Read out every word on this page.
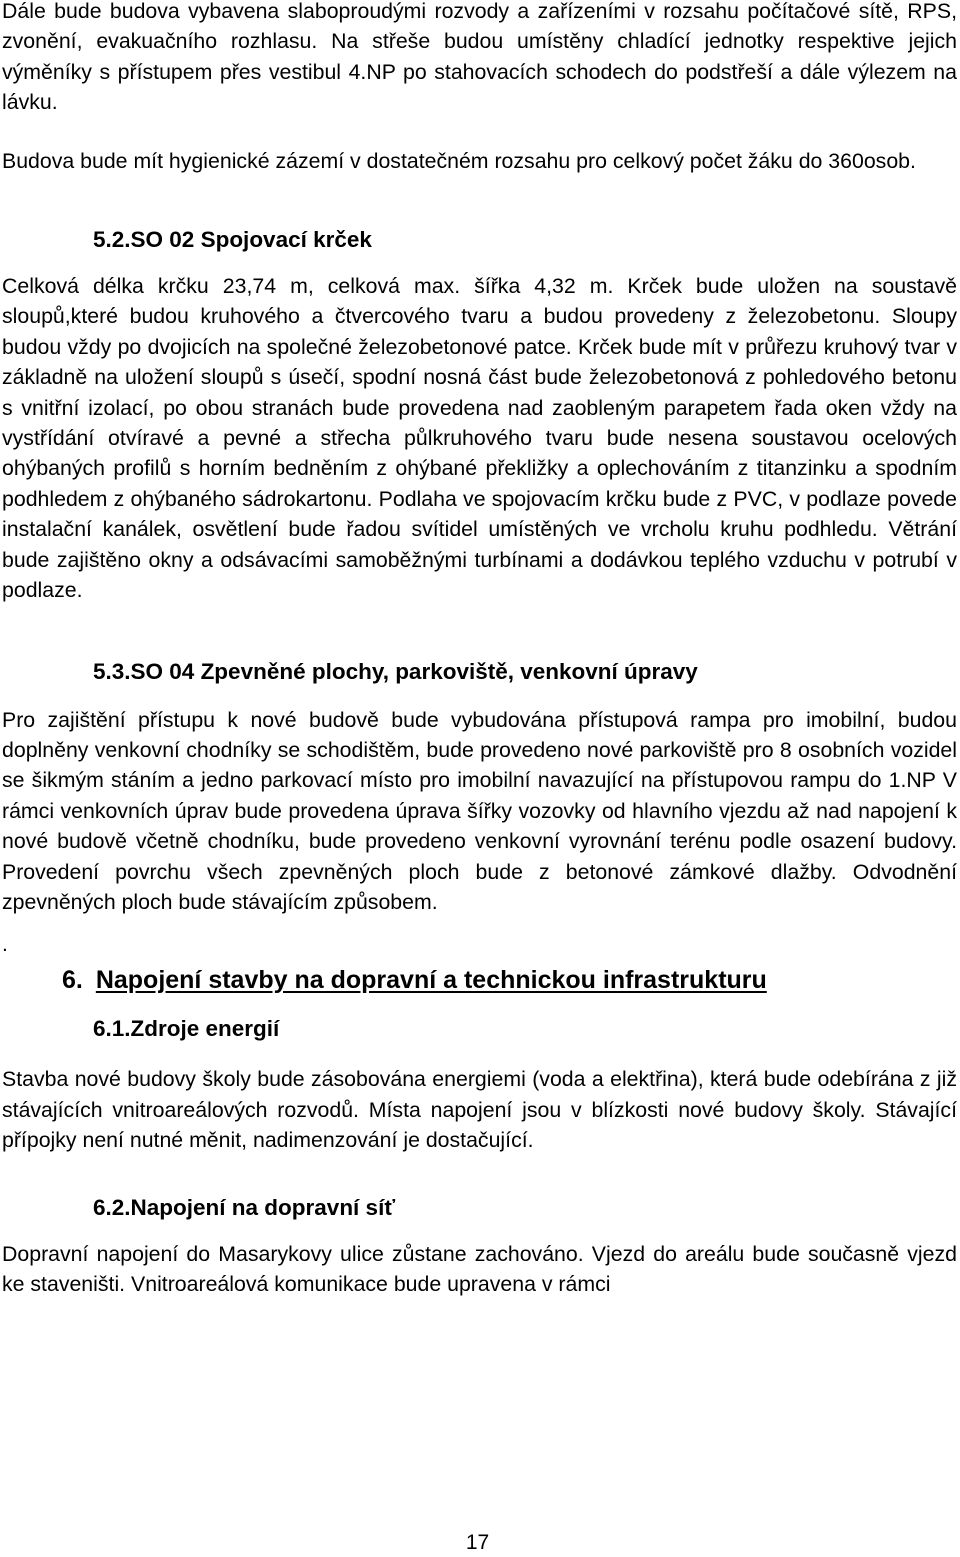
Dále bude budova vybavena slaboproudými rozvody a zařízeními v rozsahu počítačové sítě, RPS, zvonění, evakuačního rozhlasu. Na střeše budou umístěny chladící jednotky respektive jejich výměníky s přístupem přes vestibul 4.NP po stahovacích schodech do podstřeší a dále výlezem na lávku.

Budova bude mít hygienické zázemí v dostatečném rozsahu pro celkový počet žáku do 360osob.

5.2.SO 02 Spojovací krček

Celková délka krčku 23,74 m, celková max. šířka 4,32 m. Krček bude uložen na soustavě sloupů,které budou kruhového a čtvercového tvaru a budou provedeny z železobetonu. Sloupy budou vždy po dvojicích na společné železobetonové patce. Krček bude mít v průřezu kruhový tvar v základně na uložení sloupů s úsečí, spodní nosná část bude železobetonová z pohledového betonu s vnitřní izolací, po obou stranách bude provedena nad zaobleným parapetem řada oken vždy na vystřídání otvíravé a pevné a střecha půlkruhového tvaru bude nesena soustavou ocelových ohýbaných profilů s horním bedněním z ohýbané překližky a oplechováním z titanzinku a spodním podhledem z ohýbaného sádrokartonu. Podlaha ve spojovacím krčku bude z PVC, v podlaze povede instalační kanálek, osvětlení bude řadou svítidel umístěných ve vrcholu kruhu podhledu. Větrání bude zajištěno okny a odsávacími samoběžnými turbínami a dodávkou teplého vzduchu v potrubí v podlaze.

5.3.SO 04 Zpevněné plochy, parkoviště, venkovní úpravy

Pro zajištění přístupu k nové budově bude vybudována přístupová rampa pro imobilní, budou doplněny venkovní chodníky se schodištěm, bude provedeno nové parkoviště pro 8 osobních vozidel se šikmým stáním a jedno parkovací místo pro imobilní navazující na přístupovou rampu do 1.NP V rámci venkovních úprav bude provedena úprava šířky vozovky od hlavního vjezdu až nad napojení k nové budově včetně chodníku, bude provedeno venkovní vyrovnání terénu podle osazení budovy. Provedení povrchu všech zpevněných ploch bude z betonové zámkové dlažby. Odvodnění zpevněných ploch bude stávajícím způsobem.

.

6. Napojení stavby na dopravní a technickou infrastrukturu

6.1.Zdroje energií

Stavba nové budovy školy bude zásobována energiemi (voda a elektřina), která bude odebírána z již stávajících vnitroareálových rozvodů. Místa napojení jsou v blízkosti nové budovy školy. Stávající přípojky není nutné měnit, nadimenzování je dostačující.

6.2.Napojení na dopravní síť

Dopravní napojení do Masarykovy ulice zůstane zachováno. Vjezd do areálu bude současně vjezd ke staveništi. Vnitroareálová komunikace bude upravena v rámci

17
